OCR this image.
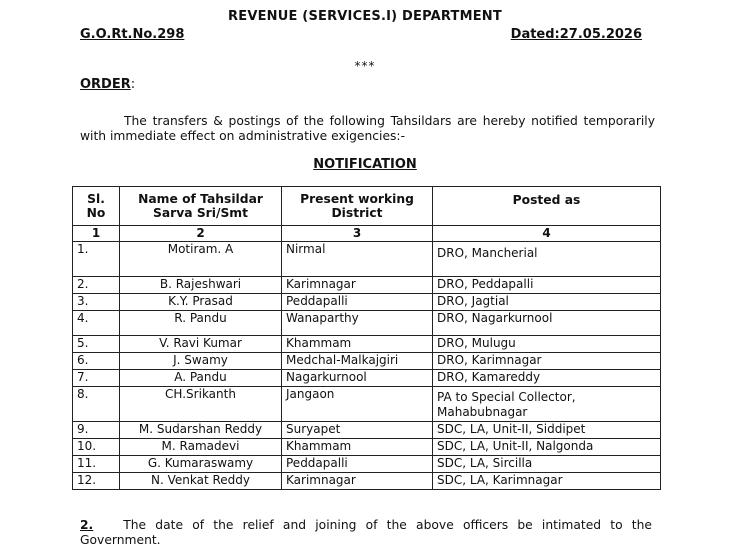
REVENUE (SERVICES.I) DEPARTMENT
G.O.Rt.No.298	Dated:27.05.2026
***
ORDER:
The transfers & postings of the following Tahsildars are hereby notified temporarily with immediate effect on administrative exigencies:-
NOTIFICATION
Sl. No	Name of Tahsildar Sarva Sri/Smt	Present working District	Posted as
1	2	3	4
1.	Motiram. A	Nirmal	DRO, Mancherial
2.	B. Rajeshwari	Karimnagar	DRO, Peddapalli
3.	K.Y. Prasad	Peddapalli	DRO, Jagtial
4.	R. Pandu	Wanaparthy	DRO, Nagarkurnool
5.	V. Ravi Kumar	Khammam	DRO, Mulugu
6.	J. Swamy	Medchal-Malkajgiri	DRO, Karimnagar
7.	A. Pandu	Nagarkurnool	DRO, Kamareddy
8.	CH.Srikanth	Jangaon	PA to Special Collector, Mahabubnagar
9.	M. Sudarshan Reddy	Suryapet	SDC, LA, Unit-II, Siddipet
10.	M. Ramadevi	Khammam	SDC, LA, Unit-II, Nalgonda
11.	G. Kumaraswamy	Peddapalli	SDC, LA, Sircilla
12.	N. Venkat Reddy	Karimnagar	SDC, LA, Karimnagar
2. The date of the relief and joining of the above officers be intimated to the Government.
